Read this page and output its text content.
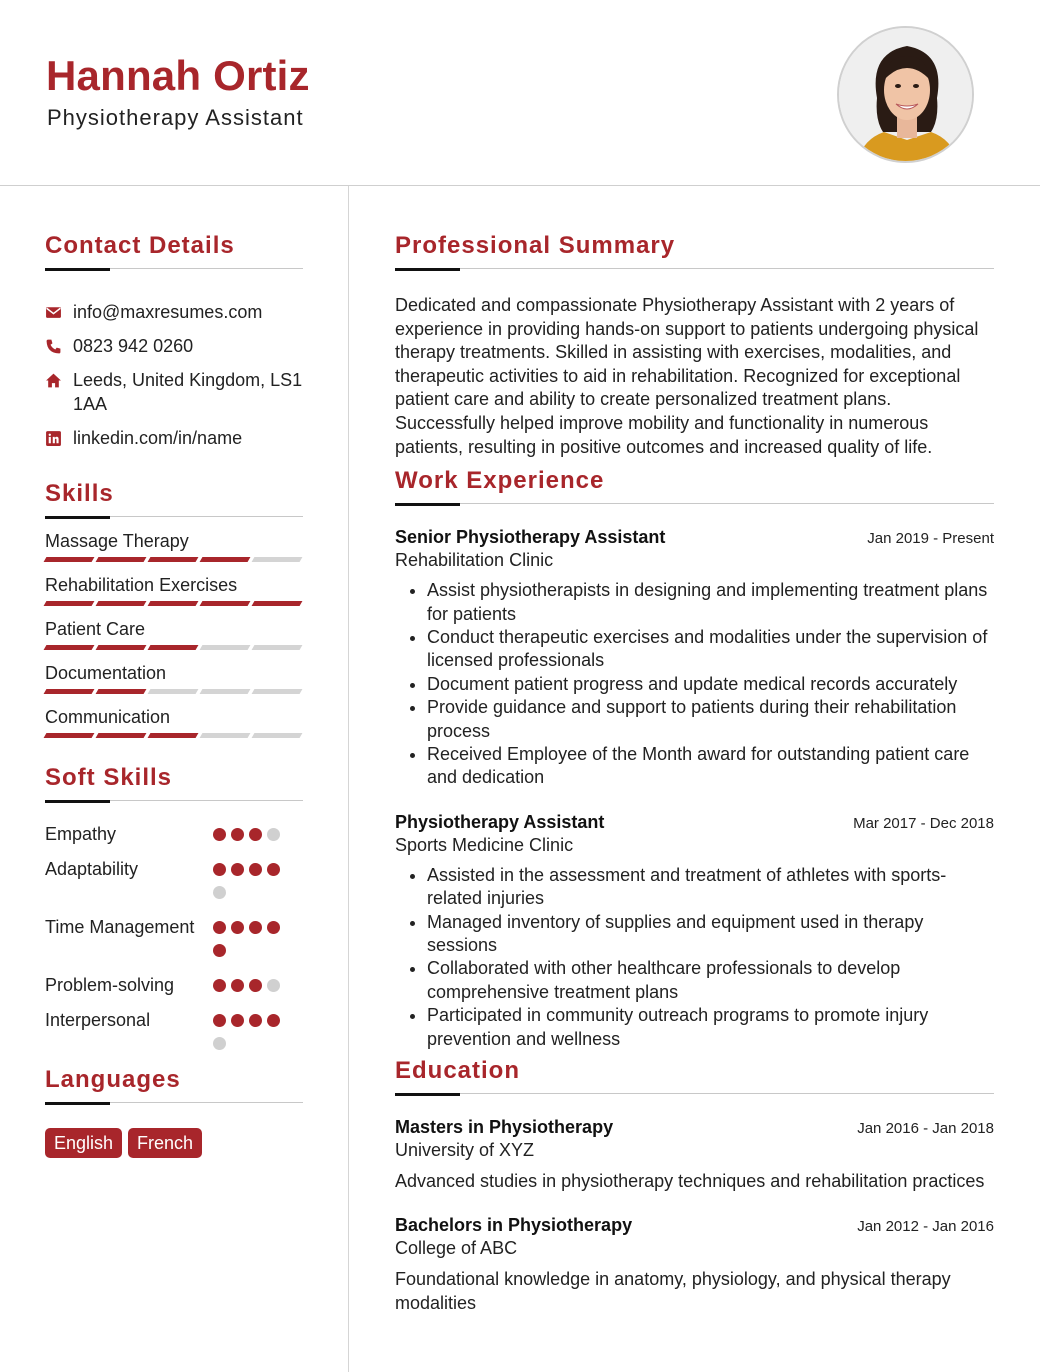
Hannah Ortiz
Physiotherapy Assistant
Contact Details
info@maxresumes.com
0823 942 0260
Leeds, United Kingdom, LS1 1AA
linkedin.com/in/name
Skills
Massage Therapy
Rehabilitation Exercises
Patient Care
Documentation
Communication
Soft Skills
Empathy
Adaptability
Time Management
Problem-solving
Interpersonal
Languages
English	French
Professional Summary
Dedicated and compassionate Physiotherapy Assistant with 2 years of experience in providing hands-on support to patients undergoing physical therapy treatments. Skilled in assisting with exercises, modalities, and therapeutic activities to aid in rehabilitation. Recognized for exceptional patient care and ability to create personalized treatment plans. Successfully helped improve mobility and functionality in numerous patients, resulting in positive outcomes and increased quality of life.
Work Experience
Senior Physiotherapy Assistant	Jan 2019 - Present
Rehabilitation Clinic
• Assist physiotherapists in designing and implementing treatment plans for patients
• Conduct therapeutic exercises and modalities under the supervision of licensed professionals
• Document patient progress and update medical records accurately
• Provide guidance and support to patients during their rehabilitation process
• Received Employee of the Month award for outstanding patient care and dedication
Physiotherapy Assistant	Mar 2017 - Dec 2018
Sports Medicine Clinic
• Assisted in the assessment and treatment of athletes with sports-related injuries
• Managed inventory of supplies and equipment used in therapy sessions
• Collaborated with other healthcare professionals to develop comprehensive treatment plans
• Participated in community outreach programs to promote injury prevention and wellness
Education
Masters in Physiotherapy	Jan 2016 - Jan 2018
University of XYZ
Advanced studies in physiotherapy techniques and rehabilitation practices
Bachelors in Physiotherapy	Jan 2012 - Jan 2016
College of ABC
Foundational knowledge in anatomy, physiology, and physical therapy modalities
